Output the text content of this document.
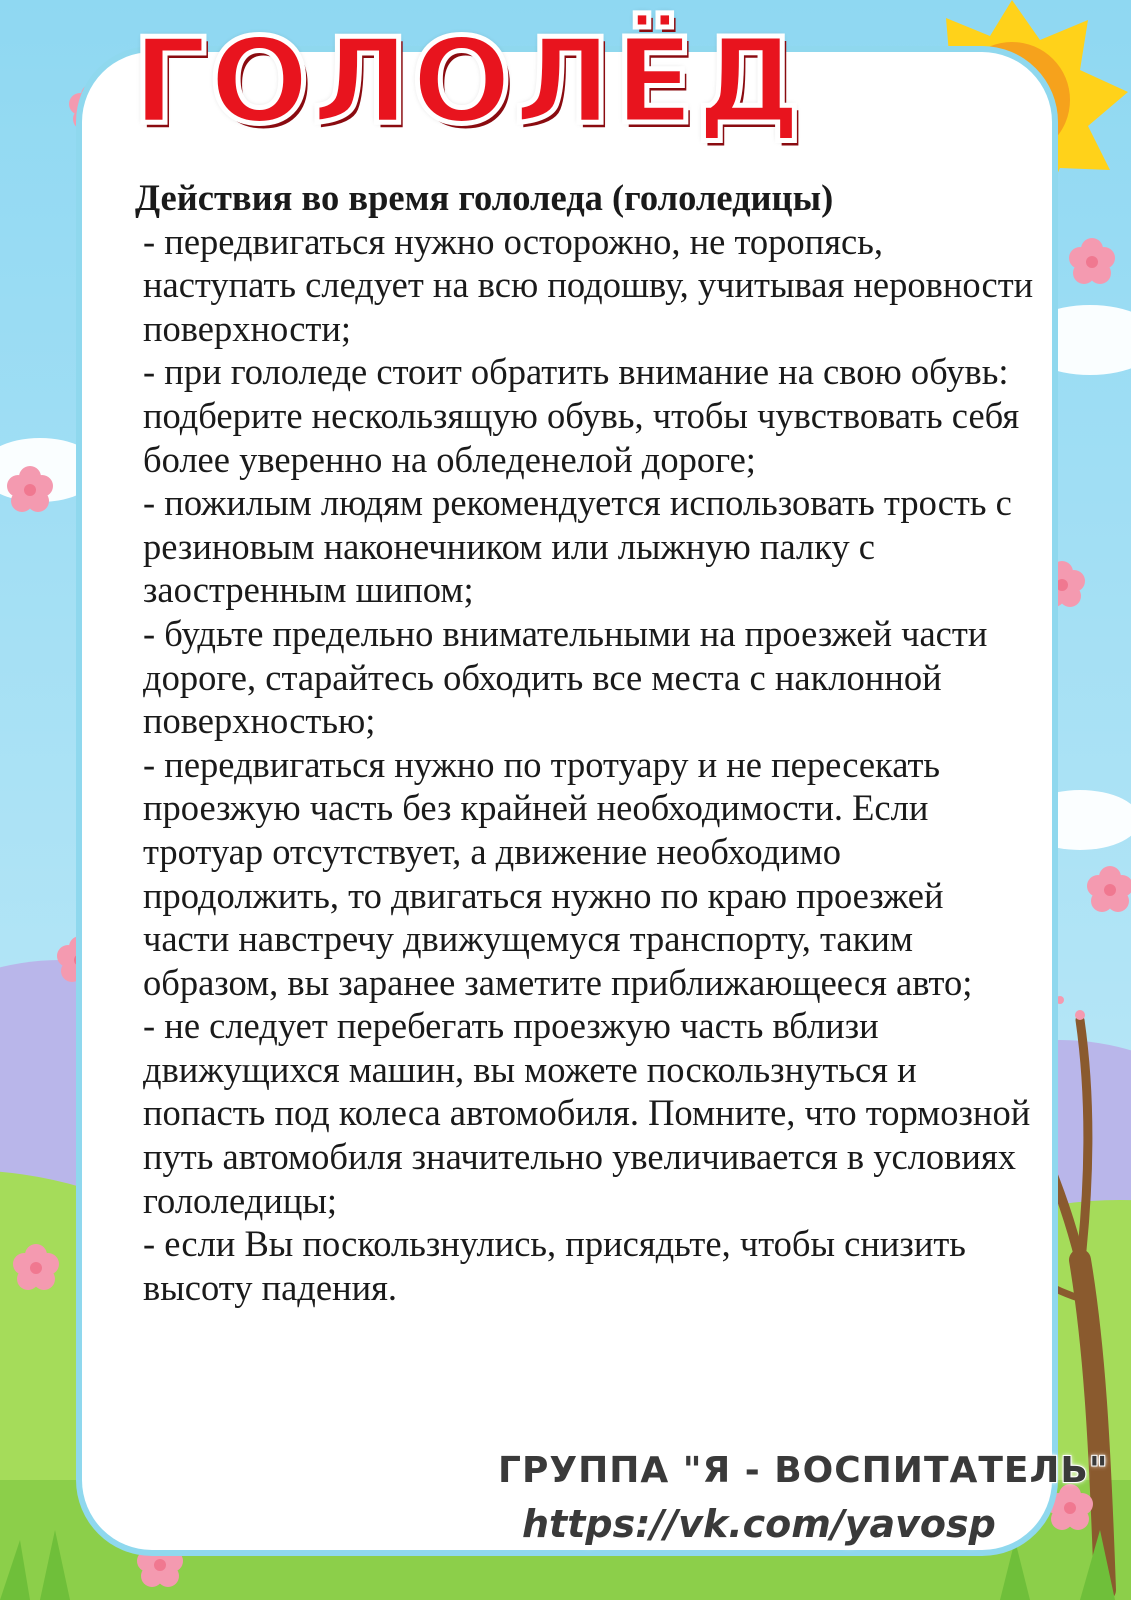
ГОЛОЛЁД
Действия во время гололеда (гололедицы)

- передвигаться нужно осторожно, не торопясь, наступать следует на всю подошву, учитывая неровности поверхности;

- при гололеде стоит обратить внимание на свою обувь: подберите нескользящую обувь, чтобы чувствовать себя более уверенно на обледенелой дороге;

- пожилым людям рекомендуется использовать трость с резиновым наконечником или лыжную палку с заостренным шипом;

- будьте предельно внимательными на проезжей части дороге, старайтесь обходить все места с наклонной поверхностью;

- передвигаться нужно по тротуару и не пересекать проезжую часть без крайней необходимости. Если тротуар отсутствует, а движение необходимо продолжить, то двигаться нужно по краю проезжей части навстречу движущемуся транспорту, таким образом, вы заранее заметите приближающееся авто;

- не следует перебегать проезжую часть вблизи движущихся машин, вы можете поскользнуться и попасть под колеса автомобиля. Помните, что тормозной путь автомобиля значительно увеличивается в условиях гололедицы;

- если Вы поскользнулись, присядьте, чтобы снизить высоту падения.

ГРУППА "Я - ВОСПИТАТЕЛЬ"
https://vk.com/yavosp
